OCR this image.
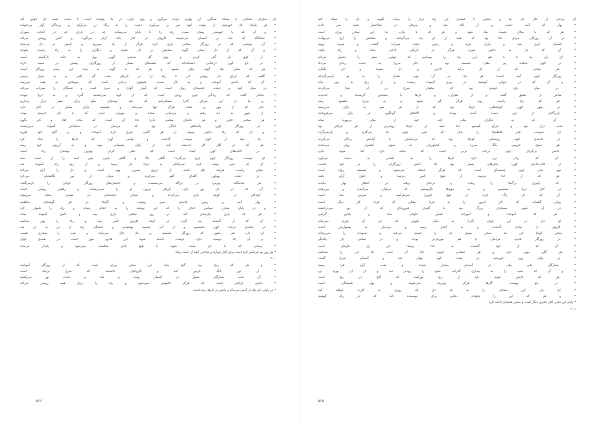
ای ساربان شتابان، با مشک سنگین، ابر بهاری مژده می‌آورد و بوی باران در باد پیچیده است تا دشت تشنه دل خوش کند
• هر بامداد که خورشید از پشت کوه سر بر می‌آورد، دشت را به رنگ زر می‌آراید و پرندگان آواز می‌خوانند
• و آن که با خویشتن پیمان بست راه را تا پایان می‌پیماید، چه در باران چه در آفتاب سوزان
• شبانگاه که ماه بر آسمان می‌نشیند، کاروان در کنار چاه آرام می‌گیرد و آتش روشن می‌کند
• آن دوستی که در روزگار سختی یاری کرد، هرگز از یاد نمی‌رود و نامش در دل می‌ماند
• و آن که از دل سخن گوید، سخنش بر دل نشیند و دیگران را به راه راست بخواند
• از کوی یار گذر کردم و بوی گل شنیدم، گویی بهار به خانه بازگشته است
• در باغ کهن درختانی ایستاده‌اند که قصه‌های بسیار از روزگاران پیشین در سینه دارند
• هر که سخن نیک گوید، نیکی بشنود و هر که بد گوید، بد بیند؛ این رسم روزگار است
• گفتم که چراغ دل روشن کن تا راه را در تاریکی شب گم نکنی و به منزل برسی
• آن که دانش آموخت و به کار بست، همچون درختی است که میوه‌اش به همه می‌رسد
• در میان کوه و دشت، چشمه‌ای روان است که آبش گوارا و سرد است و تشنگان را سیراب می‌کند
• شاعر گفت که زندگی چون رودی است که از کوه سرچشمه گیرد و به دریا پیوندد
• و ما در این سرای گذرا مسافرانیم که باید توشه‌ای نیکو برای سفر دراز برداریم
• دلی که از مهر پر باشد، هرگز تنها نمی‌ماند و همیشه یاران بسیار در کنار دارد
• از شهر به ده رفتم و مردمانی ساده و مهربان دیدم که با کم خرسند بودند
• هر سخنی جایی و هر نکته‌ای مقامی دارد؛ دانا آن است که بداند کجا و کی بگوید
• در روزگار کهن، پادشاهی دادگر بود که مردمان در سایه‌اش آسوده می‌زیستند
• و آن که راه دانش پیمود، در هر گامی چیزی تازه آموخت و بر گنج خود افزود
• باد صبا از کوی دوست گذشت و پیامی آورد که دل‌ها را شاد کرد
• هر که در آغاز کار اندیشه کند، در پایان پشیمانی نبیند و به آرزوی خود رسد
• در کتاب‌های کهن آمده است که نیکی کردن بهترین توشه‌ی راه است
• ای دوست، روزگار چون چرخ می‌گردد؛ گاهی بالا و گاهی پایین، پس امید را از دست مده
• آن که صبر پیشه کرد، سرانجام به مراد دل رسید و از رنج راه آسوده شد
• سخن راست، هرچند تلخ باشد، از دروغ شیرین بهتر است و دل را آرام می‌کند
• در دشت پهناور، گله‌ای آهو می‌چرید و شبان از دور نگاهشان می‌کرد
• هر شامگاه، پیرمرد بر درگاه می‌نشست و داستان‌های روزگار جوانی را بازمی‌گفت
• آن که در دل نور دارد، تاریکی بیرون او را نمی‌ترساند و راهش روشن است
• کودکان در کوچه بازی می‌کردند و صدای خنده‌شان در همه‌ی محله می‌پیچید
• بهار آمد و زمین جامه‌ی سبز پوشید و گل‌ها در هر گوشه‌ای شکفتند
• و در پایان سخن، سپاس خدای را که این نوشته را به انجام رساند و راه را هموار کرد
• هر که یاری نیازمندی کند، در روز سختی یاری بیند و دلش آسوده بماند
• آن که از گذشته پند گیرد، در آینده لغزش کمتر بیند و راه را بهتر شناسد
• در سایه‌ی درخت کهن نشستیم و از آب چشمه نوشیدیم و خستگی راه از تن به در شد
• ای دل، غم مخور که روزگار همیشه بر یک حال نمی‌ماند و شب را سحری هست
• و آن که دوست دارد، دوست داشته شود؛ این قانون مهر است در همه‌ی جهان
• پیمانی که با دل بسته شود، با هیچ بادی شکسته نمی‌شود و پایدار می‌ماند
• هر روز نو، فرصتی تازه است برای آغاز دوباره و ساختن آنچه از دست رفته
۲۰۰
• و هر که رنج برد، گنج یابد؛ این سخن پیران است که از روزگار آموختند
• از دور بانگ جرس آمد و کاروانیان دانستند که منزل نزدیک است
• آن شب ستارگان بسیار در آسمان بودند و ماه بر دشت نور می‌پاشید
• دانش چراغی است که هرگز خاموش نمی‌شود و راه را برای همه روشن می‌کند
• در پایان، نام نیک از آدمی می‌ماند و یادش در دل‌ها زنده است
ای بی‌خبر از حال دل، بیا و بنشین تا قصه‌ی این راه دراز را برایت بگویم و دل را سبک کنم
• بهار که آمد، دشت پر از لاله شد و مرغان در شاخسار نغمه سر دادند
• هر که با نیکان نشیند، نیک شود و هر که با بدان، بد؛ این سخن پیران است
• در آن روزگار، مردی دانا بود که همه از او پند می‌گرفتند و سخنش را ارج می‌نهادند
• آسمان ابری شد و باران بارید و زمین تشنه سیراب گشت و سبزه رویید
• آن که دل به دانش سپرد، هرگز در تاریکی نادانی نماند و راه یافت
• ای یار، بیا تا با هم این راه را بپیماییم که تنهایی سفر را دشوار می‌کند
• در کوی میکده، پیر مغان نشسته بود و جام می‌را به دست رندان می‌داد
• هر سخنی که از دل برآید، لاجرم بر دل نشیند و اثر بگذارد
• روزگار چون آینه است؛ هر چه در آن نهی، همان را به تو بازمی‌گرداند
• و آن که در جوانی کوشید، در پیری آسوده زیست و از رنج به دور ماند
• در میان باغ، حوضی بود که ماهیان سرخ در آن شنا می‌کردند
• شاعر از عشق گفت و از هجران، و دل‌ها با سخنش گریستند و خندیدند
• هر که راه راست رود، هرگز گم نشود و به منزل مقصود رسد
• در شهر کهن، کوچه‌هایی باریک بود که از هر سو به بازار می‌رسید
• بازرگانان از دور دست آمده بودند و کالاهای گوناگون در بازار می‌فروختند
• آن که به دیگران نیکی کند، خود از نیکی بی‌بهره نماند
• شب دراز بود و چراغ کم‌سو، اما امید در دل‌ها روشن‌تر از هر چراغی بود
• ای دوست، قدر لحظه‌ها را بدان که عمر چون باد می‌گذرد و بازنمی‌گردد
• در دامنه‌ی کوه، روستایی کوچک بود که مردمانش با آرامش زندگی می‌کردند
• هر صبح، خروس بانگ می‌زد و کشاورزان به سوی کشتزار روان می‌شدند
• دانش بی‌کردار چون درخت بی‌بر است که سایه دارد اما میوه ندارد
• آن که زبان نرم دارد، دل‌ها را به آسانی به دست می‌آورد
• در کتاب‌خانه‌ی کهن، دفترهای بسیار بود که دانش روزگاران را در خود داشت
• مهر مادر چون چشمه‌ای است که هرگز خشک نمی‌شود و همیشه روان است
• هر که از خدا بترسد، از هیچ کس نترسد و دلش آرام باشد
• باد پاییزی برگ‌ها را ریخت و درختان برهنه در انتظار بهار ماندند
• در کنار دریا نشستیم و به موج‌ها نگریستیم که بی‌پایان می‌آمدند و می‌رفتند
• آن که دل پاک دارد، از هیچ داوری نمی‌هراسد و سرش بلند است
• پیران گفته‌اند که کار امروز را به فردا مفکن که فردا کار دیگر است
• در آن شهر، مسجدی بزرگ بود با گنبدی فیروزه‌ای که از دور می‌درخشید
• هر که آموخت و آموزاند، نامش جاودان ماند و یادش گرامی
• ای دل، در این جهان گذرا، به نیکی بکوش که جز آن چیزی نمی‌ماند
• کاروان از بیابان گذشت و به آبادی رسید و مردمان به پیشوازش آمدند
• سخن کوتاه کن که سخن بسیار دل را خسته می‌کند و شنونده را می‌رنجاند
• در روزگار قدیم، مردمان با هم مهربان‌تر بودند و در سختی یار یکدیگر
• آن که از خود گذشت، به خدا رسید؛ این راز عارفان است
• هر گلی بویی دارد و هر انسانی خویی؛ دانا آن است که این را بشناسد
• در پایان روز، خورشید در پشت کوه پنهان شد و آسمان سرخ گشت
• ستارگان یکی یکی در آسمان پدیدار شدند و شب آرام فرا رسید
• و آن که شب را به بیداری گذراند، صبح را زودتر دید و از آن بهره برد
• هر که دانش جوید، باید از رنج نهراسد که گنج در رنج است
• در باغ بهشت، گل‌ها هرگز پژمرده نمی‌شوند و بهار همیشگی است
• ای یار، این سخنان را به یاد دار که روزی به کارت خواهد آمد
• و هر که این را بخواند، دعایی برای نویسنده کند که در راه کوشید
• پایان این دفتر، آغاز دفتری دیگر است و سخن همچنان ادامه دارد
۲۰۱
۵۶۶	۵۶۵
